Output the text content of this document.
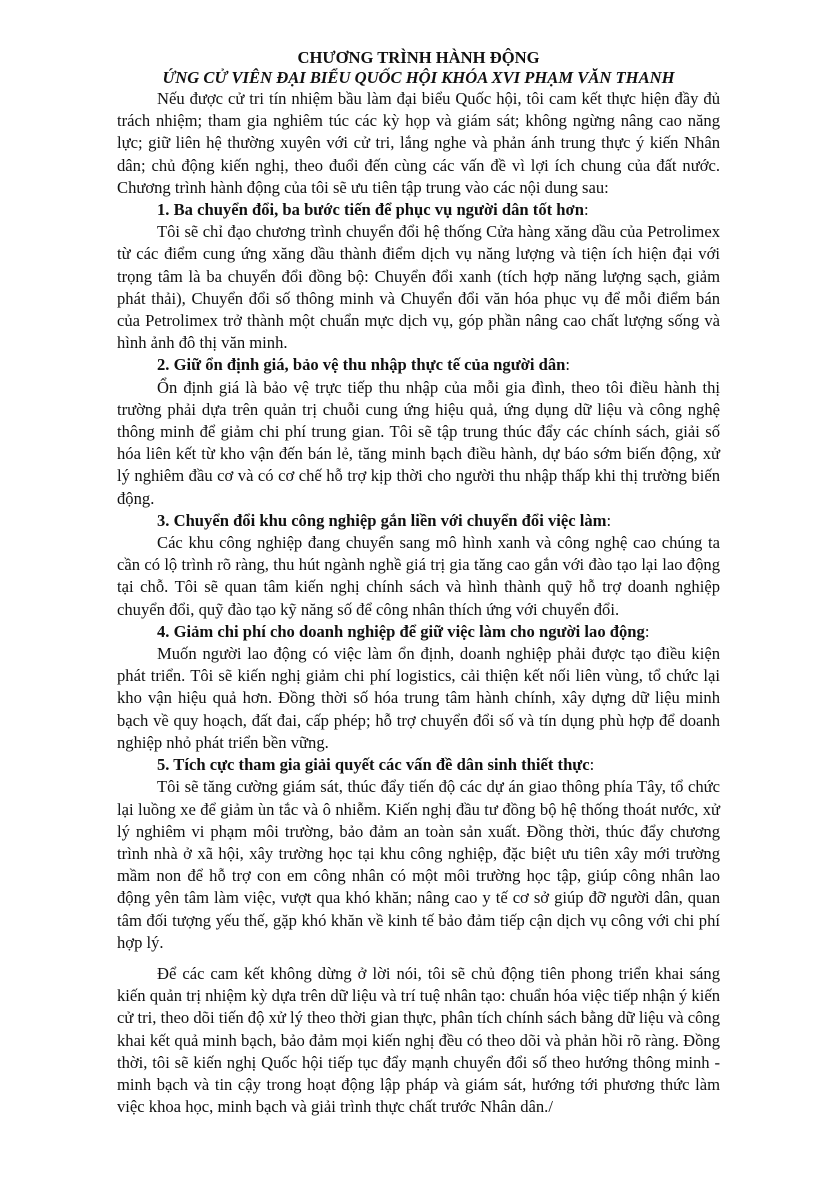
CHƯƠNG TRÌNH HÀNH ĐỘNG
ỨNG CỬ VIÊN ĐẠI BIỂU QUỐC HỘI KHÓA XVI PHẠM VĂN THANH

Nếu được cử tri tín nhiệm bầu làm đại biểu Quốc hội, tôi cam kết thực hiện đầy đủ trách nhiệm; tham gia nghiêm túc các kỳ họp và giám sát; không ngừng nâng cao năng lực; giữ liên hệ thường xuyên với cử tri, lắng nghe và phản ánh trung thực ý kiến Nhân dân; chủ động kiến nghị, theo đuổi đến cùng các vấn đề vì lợi ích chung của đất nước. Chương trình hành động của tôi sẽ ưu tiên tập trung vào các nội dung sau:

1. Ba chuyển đổi, ba bước tiến để phục vụ người dân tốt hơn:

Tôi sẽ chỉ đạo chương trình chuyển đổi hệ thống Cửa hàng xăng dầu của Petrolimex từ các điểm cung ứng xăng dầu thành điểm dịch vụ năng lượng và tiện ích hiện đại với trọng tâm là ba chuyển đổi đồng bộ: Chuyển đổi xanh (tích hợp năng lượng sạch, giảm phát thải), Chuyển đổi số thông minh và Chuyển đổi văn hóa phục vụ để mỗi điểm bán của Petrolimex trở thành một chuẩn mực dịch vụ, góp phần nâng cao chất lượng sống và hình ảnh đô thị văn minh.

2. Giữ ổn định giá, bảo vệ thu nhập thực tế của người dân:

Ổn định giá là bảo vệ trực tiếp thu nhập của mỗi gia đình, theo tôi điều hành thị trường phải dựa trên quản trị chuỗi cung ứng hiệu quả, ứng dụng dữ liệu và công nghệ thông minh để giảm chi phí trung gian. Tôi sẽ tập trung thúc đẩy các chính sách, giải số hóa liên kết từ kho vận đến bán lẻ, tăng minh bạch điều hành, dự báo sớm biến động, xử lý nghiêm đầu cơ và có cơ chế hỗ trợ kịp thời cho người thu nhập thấp khi thị trường biến động.

3. Chuyển đổi khu công nghiệp gắn liền với chuyển đổi việc làm:

Các khu công nghiệp đang chuyển sang mô hình xanh và công nghệ cao chúng ta cần có lộ trình rõ ràng, thu hút ngành nghề giá trị gia tăng cao gắn với đào tạo lại lao động tại chỗ. Tôi sẽ quan tâm kiến nghị chính sách và hình thành quỹ hỗ trợ doanh nghiệp chuyển đổi, quỹ đào tạo kỹ năng số để công nhân thích ứng với chuyển đổi.

4. Giảm chi phí cho doanh nghiệp để giữ việc làm cho người lao động:

Muốn người lao động có việc làm ổn định, doanh nghiệp phải được tạo điều kiện phát triển. Tôi sẽ kiến nghị giảm chi phí logistics, cải thiện kết nối liên vùng, tổ chức lại kho vận hiệu quả hơn. Đồng thời số hóa trung tâm hành chính, xây dựng dữ liệu minh bạch về quy hoạch, đất đai, cấp phép; hỗ trợ chuyển đổi số và tín dụng phù hợp để doanh nghiệp nhỏ phát triển bền vững.

5. Tích cực tham gia giải quyết các vấn đề dân sinh thiết thực:

Tôi sẽ tăng cường giám sát, thúc đẩy tiến độ các dự án giao thông phía Tây, tổ chức lại luồng xe để giảm ùn tắc và ô nhiễm. Kiến nghị đầu tư đồng bộ hệ thống thoát nước, xử lý nghiêm vi phạm môi trường, bảo đảm an toàn sản xuất. Đồng thời, thúc đẩy chương trình nhà ở xã hội, xây trường học tại khu công nghiệp, đặc biệt ưu tiên xây mới trường mầm non để hỗ trợ con em công nhân có một môi trường học tập, giúp công nhân lao động yên tâm làm việc, vượt qua khó khăn; nâng cao y tế cơ sở giúp đỡ người dân, quan tâm đối tượng yếu thế, gặp khó khăn về kinh tế bảo đảm tiếp cận dịch vụ công với chi phí hợp lý.

Để các cam kết không dừng ở lời nói, tôi sẽ chủ động tiên phong triển khai sáng kiến quản trị nhiệm kỳ dựa trên dữ liệu và trí tuệ nhân tạo: chuẩn hóa việc tiếp nhận ý kiến cử tri, theo dõi tiến độ xử lý theo thời gian thực, phân tích chính sách bằng dữ liệu và công khai kết quả minh bạch, bảo đảm mọi kiến nghị đều có theo dõi và phản hồi rõ ràng. Đồng thời, tôi sẽ kiến nghị Quốc hội tiếp tục đẩy mạnh chuyển đổi số theo hướng thông minh - minh bạch và tin cậy trong hoạt động lập pháp và giám sát, hướng tới phương thức làm việc khoa học, minh bạch và giải trình thực chất trước Nhân dân./
